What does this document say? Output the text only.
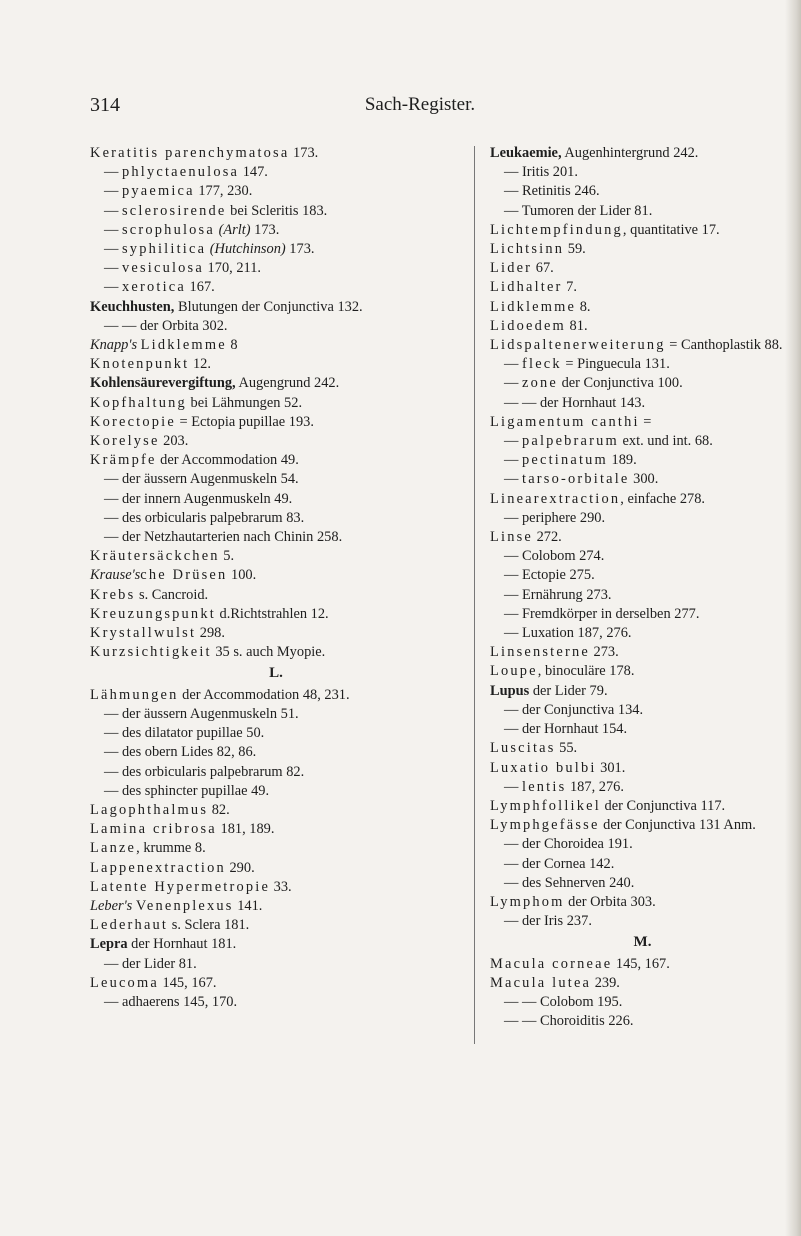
314	Sach-Register.
Keratitis parenchymatosa 173.
— phlyctaenulosa 147.
— pyaemica 177, 230.
— sclerosirende bei Scleritis 183.
— scrophulosa (Arlt) 173.
— syphilitica (Hutchinson) 173.
— vesiculosa 170, 211.
— xerotica 167.
Keuchhusten, Blutungen der Conjunctiva 132.
— — der Orbita 302.
Knapp's Lidklemme 8
Knotenpunkt 12.
Kohlensäurevergiftung, Augengrund 242.
Kopfhaltung bei Lähmungen 52.
Korectopie = Ectopia pupillae 193.
Korelyse 203.
Krämpfe der Accommodation 49.
— der äussern Augenmuskeln 54.
— der innern Augenmuskeln 49.
— des orbicularis palpebrarum 83.
— der Netzhautarterien nach Chinin 258.
Kräutersäckchen 5.
Krause'sche Drüsen 100.
Krebs s. Cancroid.
Kreuzungspunkt d.Richtstrahlen 12.
Krystallwulst 298.
Kurzsichtigkeit 35 s. auch Myopie.
L.
Lähmungen der Accommodation 48, 231.
— der äussern Augenmuskeln 51.
— des dilatator pupillae 50.
— des obern Lides 82, 86.
— des orbicularis palpebrarum 82.
— des sphincter pupillae 49.
Lagophthalmus 82.
Lamina cribrosa 181, 189.
Lanze, krumme 8.
Lappenextraction 290.
Latente Hypermetropie 33.
Leber's Venenplexus 141.
Lederhaut s. Sclera 181.
Lepra der Hornhaut 181.
— der Lider 81.
Leucoma 145, 167.
— adhaerens 145, 170.
Leukaemie, Augenhintergrund 242.
— Iritis 201.
— Retinitis 246.
— Tumoren der Lider 81.
Lichtempfindung, quantitative 17.
Lichtsinn 59.
Lider 67.
Lidhalter 7.
Lidklemme 8.
Lidoedem 81.
Lidspaltenerweiterung = Canthoplastik 88.
— fleck = Pinguecula 131.
— zone der Conjunctiva 100.
— — der Hornhaut 143.
Ligamentum canthi =
— palpebrarum ext. und int. 68.
— pectinatum 189.
— tarso-orbitale 300.
Linearextraction, einfache 278.
— periphere 290.
Linse 272.
— Colobom 274.
— Ectopie 275.
— Ernährung 273.
— Fremdkörper in derselben 277.
— Luxation 187, 276.
Linsensterne 273.
Loupe, binoculäre 178.
Lupus der Lider 79.
— der Conjunctiva 134.
— der Hornhaut 154.
Luscitas 55.
Luxatio bulbi 301.
— lentis 187, 276.
Lymphfollikel der Conjunctiva 117.
Lymphgefässe der Conjunctiva 131 Anm.
— der Choroidea 191.
— der Cornea 142.
— des Sehnerven 240.
Lymphom der Orbita 303.
— der Iris 237.
M.
Macula corneae 145, 167.
Macula lutea 239.
— — Colobom 195.
— — Choroiditis 226.
